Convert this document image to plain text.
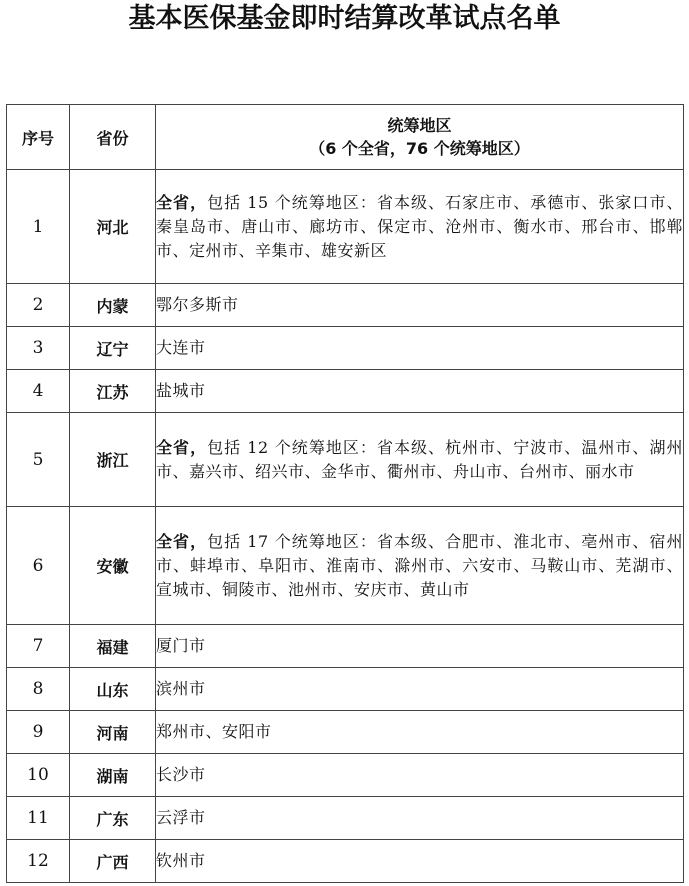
基本医保基金即时结算改革试点名单
序号	省份	统筹地区
（6 个全省，76 个统筹地区）

1	河北	全省，包括 15 个统筹地区：省本级、石家庄市、承德市、张家口市、秦皇岛市、唐山市、廊坊市、保定市、沧州市、衡水市、邢台市、邯郸市、定州市、辛集市、雄安新区
2	内蒙	鄂尔多斯市
3	辽宁	大连市
4	江苏	盐城市
5	浙江	全省，包括 12 个统筹地区：省本级、杭州市、宁波市、温州市、湖州市、嘉兴市、绍兴市、金华市、衢州市、舟山市、台州市、丽水市
6	安徽	全省，包括 17 个统筹地区：省本级、合肥市、淮北市、亳州市、宿州市、蚌埠市、阜阳市、淮南市、滁州市、六安市、马鞍山市、芜湖市、宣城市、铜陵市、池州市、安庆市、黄山市
7	福建	厦门市
8	山东	滨州市
9	河南	郑州市、安阳市
10	湖南	长沙市
11	广东	云浮市
12	广西	钦州市
